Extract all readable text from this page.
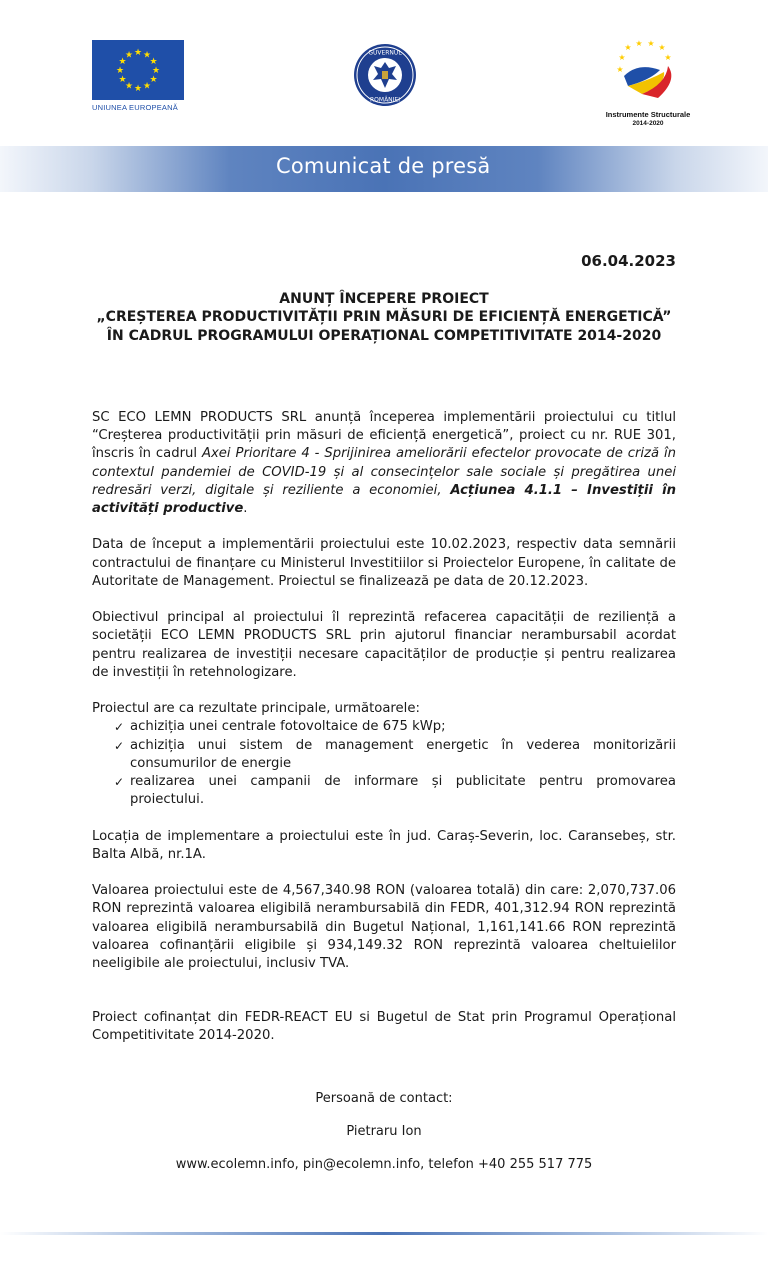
★ ★
★
★
★
★
★
★
★
★
★
★
UNIUNEA EUROPEANĂ
GUVERNUL
ROMÂNIEI
★ ★ ★ ★
★	★
★
Instrumente Structurale
2014-2020
Comunicat de presă
06.04.2023
ANUNȚ ÎNCEPERE PROIECT
„CREȘTEREA PRODUCTIVITĂȚII PRIN MĂSURI DE EFICIENȚĂ ENERGETICĂ”
ÎN CADRUL PROGRAMULUI OPERAȚIONAL COMPETITIVITATE 2014-2020

SC ECO LEMN PRODUCTS SRL anunță începerea implementării proiectului cu titlul “Creșterea productivității prin măsuri de eficiență energetică”, proiect cu nr. RUE 301, înscris în cadrul Axei Prioritare 4 - Sprijinirea ameliorării efectelor provocate de criză în contextul pandemiei de COVID-19 și al consecințelor sale sociale și pregătirea unei redresări verzi, digitale și reziliente a economiei, Acțiunea 4.1.1 – Investiții în activități productive.

Data de început a implementării proiectului este 10.02.2023, respectiv data semnării contractului de finanțare cu Ministerul Investitiilor si Proiectelor Europene, în calitate de Autoritate de Management. Proiectul se finalizează pe data de 20.12.2023.

Obiectivul principal al proiectului îl reprezintă refacerea capacității de reziliență a societății ECO LEMN PRODUCTS SRL prin ajutorul financiar nerambursabil acordat pentru realizarea de investiții necesare capacităților de producție și pentru realizarea de investiții în retehnologizare.

Proiectul are ca rezultate principale, următoarele:

✓ achiziția unei centrale fotovoltaice de 675 kWp;
✓ achiziția unui sistem de management energetic în vederea monitorizării consumurilor de energie
✓ realizarea unei campanii de informare și publicitate pentru promovarea proiectului.

Locația de implementare a proiectului este în jud. Caraș-Severin, loc. Caransebeș, str. Balta Albă, nr.1A.

Valoarea proiectului este de 4,567,340.98 RON (valoarea totală) din care: 2,070,737.06 RON reprezintă valoarea eligibilă nerambursabilă din FEDR, 401,312.94 RON reprezintă valoarea eligibilă nerambursabilă din Bugetul Național, 1,161,141.66 RON reprezintă valoarea cofinanțării eligibile și 934,149.32 RON reprezintă valoarea cheltuielilor neeligibile ale proiectului, inclusiv TVA.

Proiect cofinanțat din FEDR-REACT EU si Bugetul de Stat prin Programul Operațional Competitivitate 2014-2020.

Persoană de contact:
Pietraru Ion
www.ecolemn.info, pin@ecolemn.info, telefon +40 255 517 775
